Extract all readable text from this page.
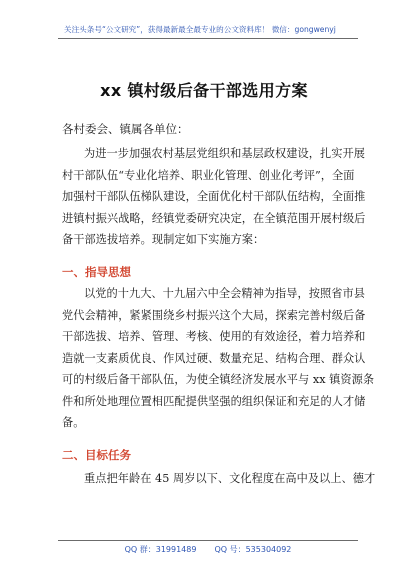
关注头条号“公文研究”，获得最新最全最专业的公文资料库！ 微信：gongwenyj
xx 镇村级后备干部选用方案
各村委会、镇属各单位：
为进一步加强农村基层党组织和基层政权建设，扎实开展
村干部队伍“专业化培养、职业化管理、创业化考评”，全面
加强村干部队伍梯队建设，全面优化村干部队伍结构，全面推
进镇村振兴战略，经镇党委研究决定，在全镇范围开展村级后
备干部选拔培养。现制定如下实施方案：
一、指导思想
以党的十九大、十九届六中全会精神为指导，按照省市县
党代会精神，紧紧围绕乡村振兴这个大局，探索完善村级后备
干部选拔、培养、管理、考核、使用的有效途径，着力培养和
造就一支素质优良、作风过硬、数量充足、结构合理、群众认
可的村级后备干部队伍，为使全镇经济发展水平与 xx 镇资源条
件和所处地理位置相匹配提供坚强的组织保证和充足的人才储
备。
二、目标任务
重点把年龄在 45 周岁以下、文化程度在高中及以上、德才
QQ 群：31991489 QQ 号：535304092
